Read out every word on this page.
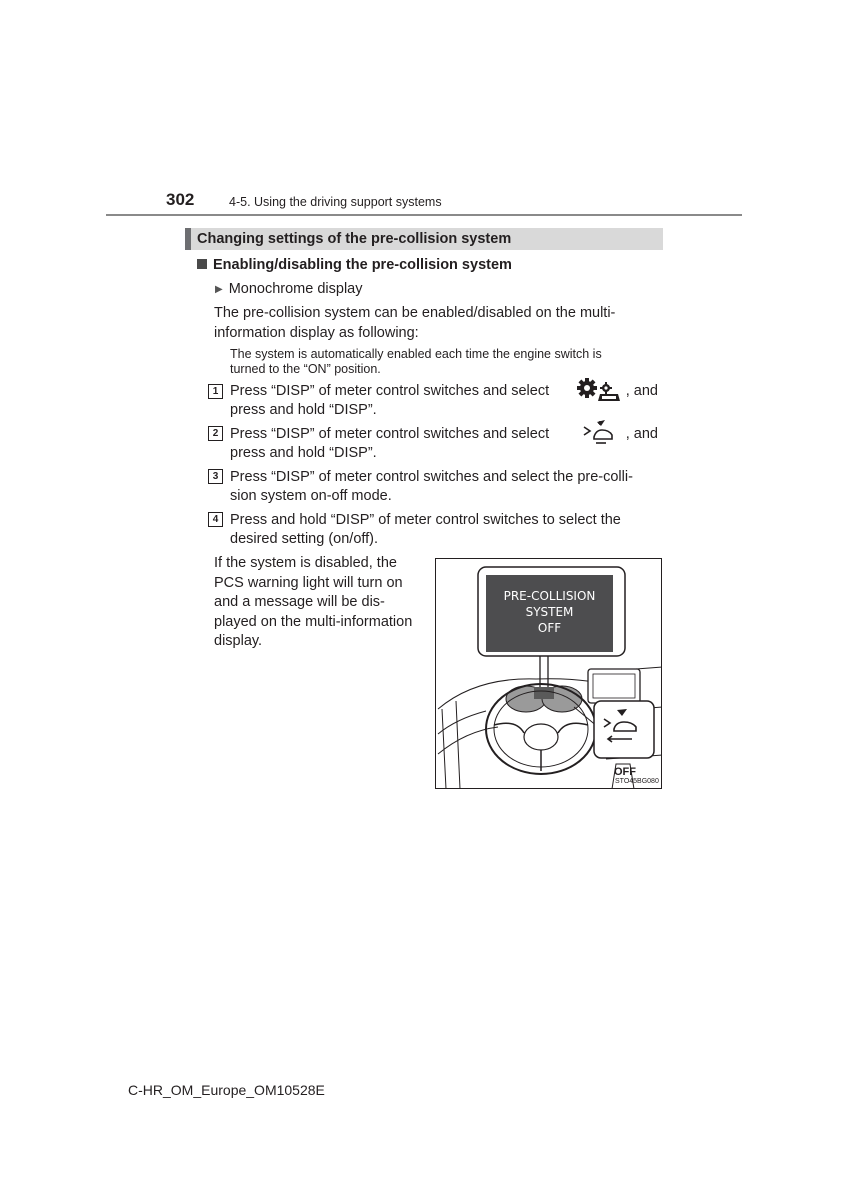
302	4-5. Using the driving support systems
Changing settings of the pre-collision system
Enabling/disabling the pre-collision system
▶ Monochrome display
The pre-collision system can be enabled/disabled on the multi-
information display as following:
The system is automatically enabled each time the engine switch is
turned to the “ON” position.
1 Press “DISP” of meter control switches and select	, and
press and hold “DISP”.
2 Press “DISP” of meter control switches and select	, and
press and hold “DISP”.
3 Press “DISP” of meter control switches and select the pre-colli-
sion system on-off mode.
4 Press and hold “DISP” of meter control switches to select the
desired setting (on/off).
If the system is disabled, the
PCS warning light will turn on
and a message will be dis-
played on the multi-information
display.
PRE-COLLISION
SYSTEM
OFF
OFF
STO45BG080
C-HR_OM_Europe_OM10528E
